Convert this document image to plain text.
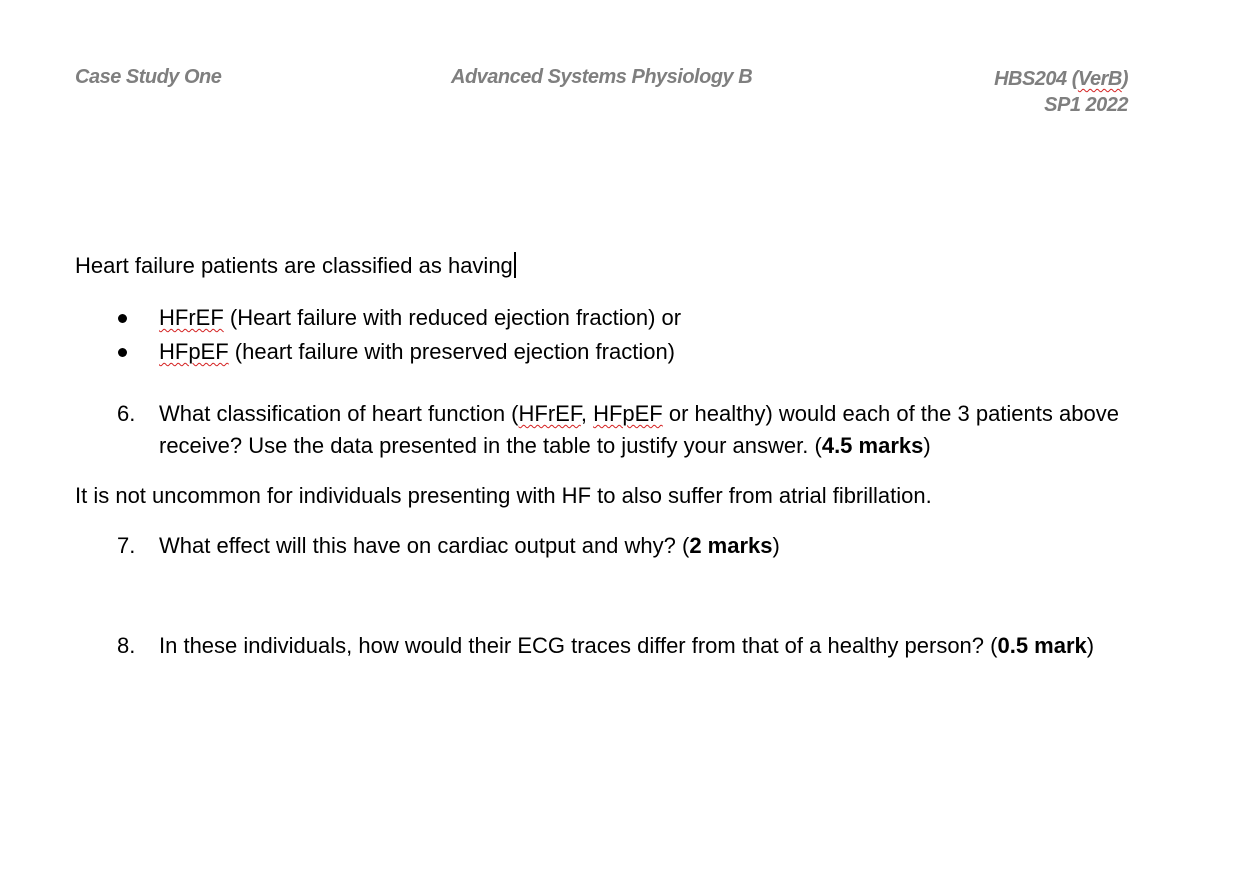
Case Study One	Advanced Systems Physiology B	HBS204 (VerB)
SP1 2022
Heart failure patients are classified as having
HFrEF (Heart failure with reduced ejection fraction) or
HFpEF (heart failure with preserved ejection fraction)
6. What classification of heart function (HFrEF, HFpEF or healthy) would each of the 3 patients above receive? Use the data presented in the table to justify your answer. (4.5 marks)
It is not uncommon for individuals presenting with HF to also suffer from atrial fibrillation.
7. What effect will this have on cardiac output and why? (2 marks)
8. In these individuals, how would their ECG traces differ from that of a healthy person? (0.5 mark)
